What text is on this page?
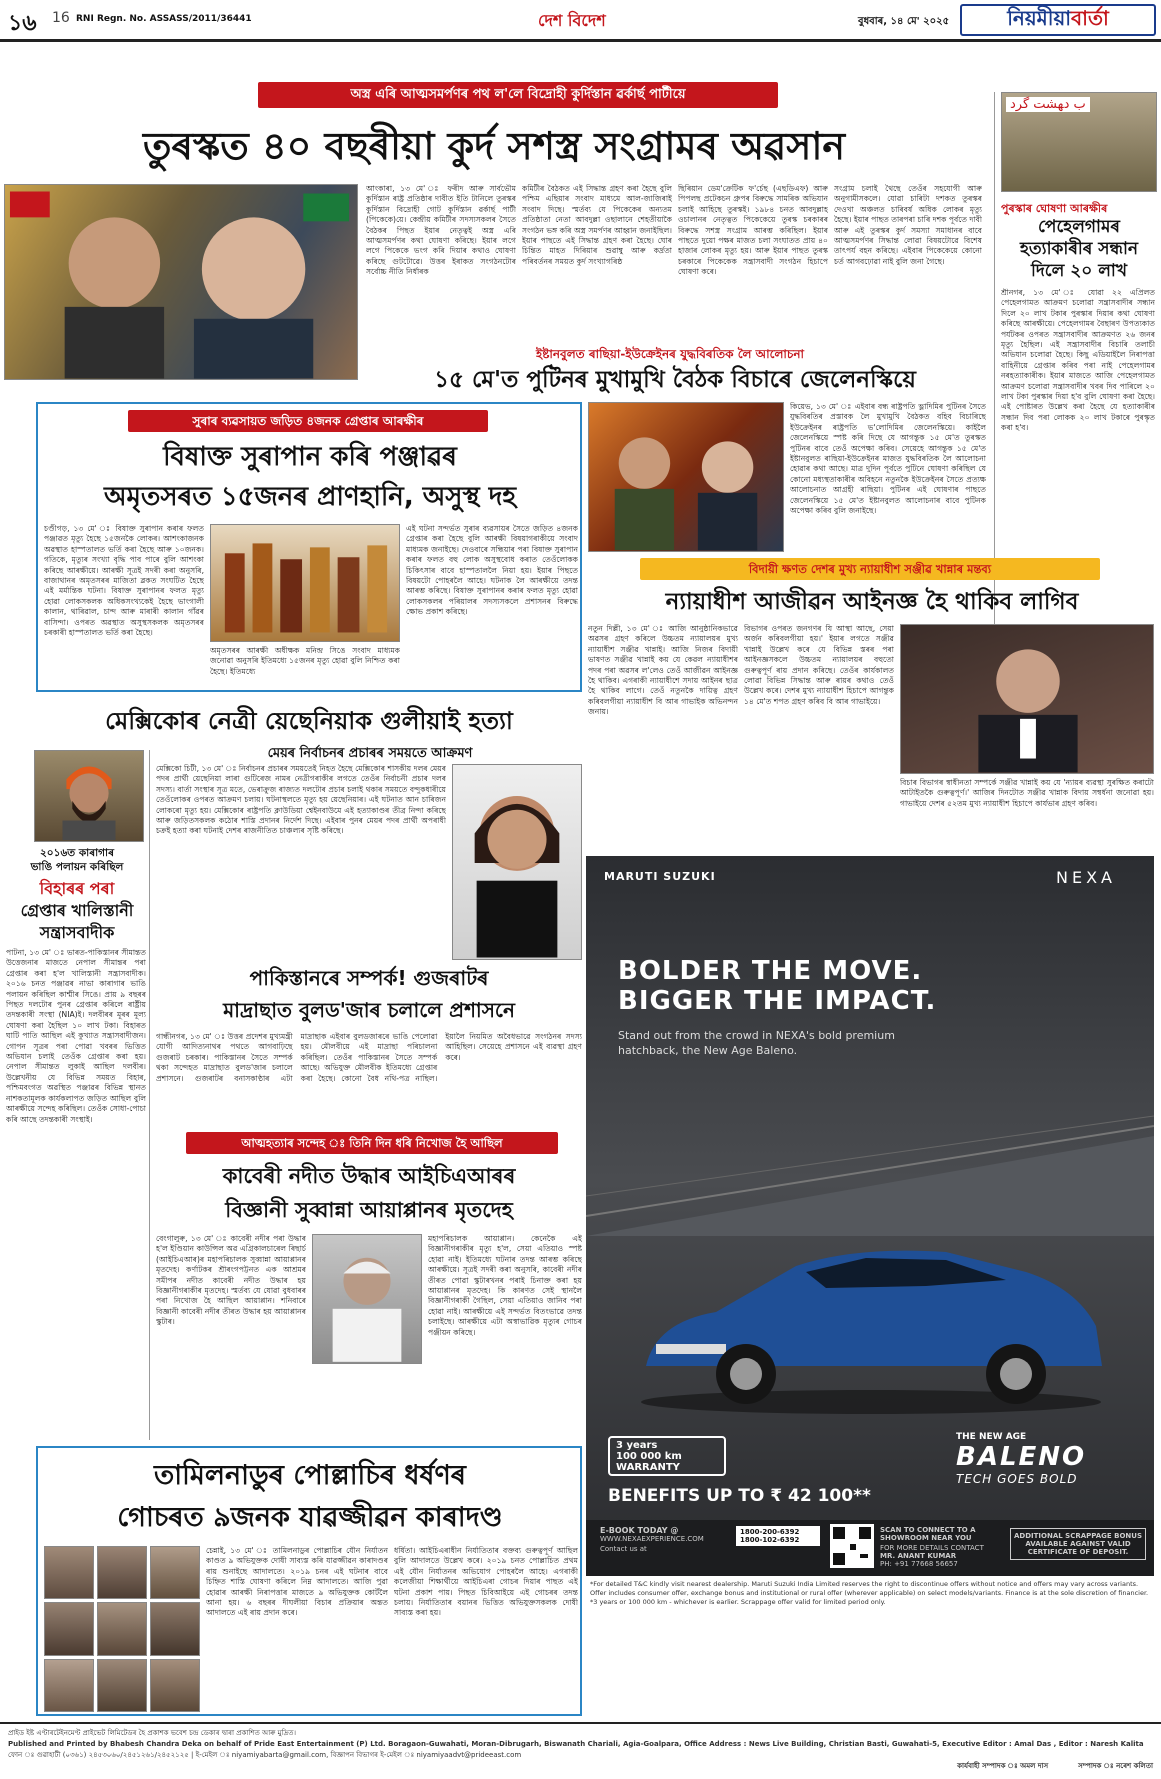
১৬ 16 RNI Regn. No. ASSASS/2011/36441	দেশ বিদেশ	বুধবাৰ, ১৪ মে' ২০২৫	নিয়মীয়া বাৰ্তা
অস্ত্ৰ এৰি আত্মসমৰ্পণৰ পথ ল'লে বিদ্ৰোহী কুৰ্দিস্তান ৱৰ্কাৰ্ছ পাৰ্টীয়ে
তুৰস্কত ৪০ বছৰীয়া কুৰ্দ সশস্ত্ৰ সংগ্ৰামৰ অৱসান
আংকাৰা, ১৩ মে' ঃ ফৰীদ আৰু সাৰ্বভৌম কুৰ্দিস্তান ৰাষ্ট্ৰ প্ৰতিষ্ঠাৰ দাবীত ইতি টানিলে তুৰস্কৰ কুৰ্দিস্তান বিদ্ৰোহী গোট কুৰ্দিস্তান ৱৰ্কাৰ্ছ পাৰ্টী (পিকেকে)য়ে। কেন্দ্ৰীয় কমিটীৰ সদস্যসকলৰ সৈতে বৈঠকৰ পিছত ইয়াৰ নেতৃত্বই অস্ত্ৰ এৰি আত্মসমৰ্পণৰ কথা ঘোষণা কৰিছে। ইয়াৰ লগে লগে পিকেকে ভংগ কৰি দিয়াৰ কথাও ঘোষণা কৰিছে গুটটোৱে। উত্তৰ ইৰাকত সংগঠনটোৰ সৰ্বোচ্চ নীতি নিৰ্ধাৰক
কমিটীৰ বৈঠকত এই সিদ্ধান্ত গ্ৰহণ কৰা হৈছে বুলি পশ্চিম এছিয়াৰ সংবাদ মাধ্যমে আল-জাজিৰাই সংবাদ দিছে। স্মৰ্তব্য যে পিকেকেৰ অন্যতম প্ৰতিষ্ঠাতা নেতা আবদুল্লা ওছালানে শেহতীয়াকৈ সংগঠন ভঙ্গ কৰি অস্ত্ৰ সমৰ্পণৰ আহ্বান জনাইছিল। ইয়াৰ পাছতে এই সিদ্ধান্ত গ্ৰহণ কৰা হৈছে। ঘোৰ চিন্তিত মাহত দিৰিয়াৰ শুৱাম্বু আৰু কৰ্দ্ৰতা পৰিবৰ্তনৰ সময়ত কুৰ্দ সংখ্যাগৰিষ্ঠ
ছিৰিয়ান ডেম'ক্ৰেটিক ফ'ৰ্চেছ (এছডিএফ) আৰু পিপলছ প্ৰটেকচন গ্ৰুপৰ বিৰুদ্ধে সামৰিক অভিযান চলাই আহিছে তুৰস্কই। ১৯৮৪ চনত আবদুল্লাহ ওচালানৰ নেতৃত্বত পিকেকেয়ে তুৰস্ক চৰকাৰৰ বিৰুদ্ধে সশস্ত্ৰ সংগ্ৰাম আৰম্ভ কৰিছিল। ইয়াৰ পাছতে দুয়ো পক্ষৰ মাজত চলা সংঘাতত প্ৰায় ৪০ হাজাৰ লোকৰ মৃত্যু হয়। আৰু ইয়াৰ পাছত তুৰস্ক চৰকাৰে পিকেকেক সন্ত্ৰাসবাদী সংগঠন হিচাপে ঘোষণা কৰে।
সংগ্ৰাম চলাই থৈছে তেওঁৰ সহযোগী আৰু অনুগামীসকলে। যোৱা চাৰিটা দশকত তুৰস্কৰ দেওখা অঞ্চলত চাৰিবৰ্ষ অধিক লোকৰ মৃত্যু হৈছে। ইয়াৰ পাছত তাৰপৰা চাৰি দশক পূৰ্বতে দাবী আৰু এই তুৰস্কৰ কুৰ্দ সমস্যা সমাধানৰ বাবে আত্মসমৰ্পণৰ সিদ্ধান্ত লোৱা বিষয়টোৱে বিশেষ তাৎপৰ্য বহন কৰিছে। এইবাৰ পিকেকেয়ে কোনো চৰ্ত আগবঢ়োৱা নাই বুলি জনা গৈছে।
ইষ্টানবুলত ৰাছিয়া-ইউক্ৰেইনৰ যুদ্ধবিৰতিক লৈ আলোচনা
১৫ মে'ত পুটিনৰ মুখামুখি বৈঠক বিচাৰে জেলেনস্কিয়ে
ﺏ ﺩﻬﺸﺖ ﮔﺮﺩ
পুৰস্কাৰ ঘোষণা আৰক্ষীৰ
পেহেলগামৰ
হত্যাকাৰীৰ সন্ধান
দিলে ২০ লাখ
শ্ৰীনগৰ, ১৩ মে' ঃ যোৱা ২২ এপ্ৰিলত পেহেলগামত আক্ৰমণ চলোৱা সন্ত্ৰাসবাদীৰ সন্ধান দিলে ২০ লাখ টকাৰ পুৰস্কাৰ দিয়াৰ কথা ঘোষণা কৰিছে আৰক্ষীয়ে। পেহেলগামৰ বৈছাৰণ উপত্যকাত পৰ্যটকৰ ওপৰত সন্ত্ৰাসবাদীৰ আক্ৰমণত ২৬ জনৰ মৃত্যু হৈছিল। এই সন্ত্ৰাসবাদীৰ বিচাৰি তলাচী অভিযান চলোৱা হৈছে। কিছু এডিয়াইলৈ নিৰাপত্তা বাহিনীয়ে গ্ৰেপ্তাৰ কৰিব পৰা নাই পেহেলগামৰ নৰহত্যাকাৰীক। ইয়াৰ মাজতে আজি পেহেলগামত আক্ৰমণ চলোৱা সন্ত্ৰাসবাদীৰ খবৰ দিব পাৰিলে ২০ লাখ টকা পুৰস্কাৰ দিয়া হ'ব বুলি ঘোষণা কৰা হৈছে। এই পোষ্টাৰত উল্লেখ কৰা হৈছে যে হত্যাকাৰীৰ সন্ধান দিব পৰা লোকক ২০ লাখ টকাৰে পুৰস্কৃত কৰা হ'ব।
সুৰাৰ ব্যৱসায়ত জড়িত ৪জনক গ্ৰেপ্তাৰ আৰক্ষীৰ
বিষাক্ত সুৰাপান কৰি পঞ্জাৱৰ
অমৃতসৰত ১৫জনৰ প্ৰাণহানি, অসুস্থ দহ
চণ্ডীগড়, ১৩ মে' ঃ বিষাক্ত সুৰাপান কৰাৰ ফলত পঞ্জাৱত মৃত্যু হৈছে ১৫জনকৈ লোকৰ। আশংকাজনক অৱস্থাত হাস্পতালত ভৰ্তি কৰা হৈছে আৰু ১০জনক। গতিকে, মৃত্যুৰ সংখ্যা বৃদ্ধি পাব পাৰে বুলি আশংকা কৰিছে আৰক্ষীয়ে। আৰক্ষী সূত্ৰই সদৰী কৰা অনুসৰি, বাজাথানৰ অমৃতসৰৰ মাজিতা ব্লকত সংঘটিত হৈছে এই মৰ্মান্তিক ঘটনা। বিষাক্ত সুৰাপানৰ ফলত মৃত্যু হোৱা লোকসকলক অধিকসংখ্যকেই হৈছে ভাংগালী কালান, থাৰিৱাল, চান্দ আৰু মাৰাৰী কালান গাঁৱৰ বাসিন্দা। ওপৰত অৱস্থাত অসুস্থসকলক অমৃতসৰৰ চৰকাৰী হাস্পতালত ভৰ্তি কৰা হৈছে।
অমৃতসৰৰ আৰক্ষী অধীক্ষক মনিন্দ্ৰ সিঙে সংবাদ মাধ্যমক জনোৱা অনুসৰি ইতিমধ্যে ১৫জনৰ মৃত্যু হোৱা বুলি নিশ্চিত কৰা হৈছে। ইতিমধ্যে
এই ঘটনা সন্দৰ্ভত সুৰাৰ ব্যৱসায়ৰ সৈতে জড়িত ৪জনক গ্ৰেপ্তাৰ কৰা হৈছে বুলি আৰক্ষী বিষয়াগৰাকীয়ে সংবাদ মাধ্যমক জনাইছে। দেওবাৰে সন্ধিয়াৰ পৰা বিষাক্ত সুৰাপান কৰাৰ ফলত বহু লোক অসুস্থবোধ কৰাত তেওঁলোকক চিকিৎসাৰ বাবে হাস্পতাললৈ নিয়া হয়। ইয়াৰ পিছতে বিষয়টো পোহৰলৈ আহে। ঘটনাক লৈ আৰক্ষীয়ে তদন্ত আৰম্ভ কৰিছে। বিষাক্ত সুৰাপানৰ কৰাৰ ফলত মৃত্যু হোৱা লোকসকলৰ পৰিয়ালৰ সদস্যসকলে প্ৰশাসনৰ বিৰুদ্ধে ক্ষোভ প্ৰকাশ কৰিছে।
কিয়েভ, ১৩ মে' ঃ এইবাৰ বন্ধ ৰাষ্ট্ৰপতি ভ্লাদিমিৰ পুটিনৰ সৈতে যুদ্ধবিৰতিৰ প্ৰস্তাবক লৈ মুখামুখি বৈঠকত বহিব বিচাৰিছে ইউক্ৰেইনৰ ৰাষ্ট্ৰপতি ভ'লোদিমিৰ জেলেনস্কিয়ে। কাইলৈ জেলেনস্কিয়ে স্পষ্ট কৰি দিছে যে আগন্তুক ১৫ মে'ত তুৰস্কত পুটিনৰ বাবে তেওঁ অপেক্ষা কৰিব। সেয়েহে আগন্তুক ১৫ মে'ত ইষ্টানবুলত ৰাছিয়া-ইউক্ৰেইনৰ মাজত যুদ্ধবিৰতিক লৈ আলোচনা হোৱাৰ কথা আছে। মাত্ৰ দুদিন পূৰ্বতে পুটিনে ঘোষণা কৰিছিল যে কোনো মধ্যস্থতাকাৰীৰ অবিহনে নতুনকৈ ইউক্ৰেইনৰ সৈতে প্ৰত্যক্ষ আলোচনাত আগ্ৰহী ৰাছিয়া। পুটিনৰ এই ঘোষণাৰ পাছতে জেলেনস্কিয়ে ১৫ মে'ত ইষ্টানবুলত আলোচনাৰ বাবে পুটিনক অপেক্ষা কৰিব বুলি জনাইছে।
বিদায়ী ক্ষণত দেশৰ মুখ্য ন্যায়াধীশ সঞ্জীৱ খান্নাৰ মন্তব্য
ন্যায়াধীশ আজীৱন আইনজ্ঞ হৈ থাকিব লাগিব
নতুন দিল্লী, ১৩ মে' ঃ আজি আনুষ্ঠানিকভাৱে অৱসৰ গ্ৰহণ কৰিলে উচ্চতম ন্যায়ালয়ৰ মুখ্য ন্যায়াধীশ সঞ্জীৱ খান্নাই। আজি নিজৰ বিদায়ী ভাষণত সঞ্জীৱ খান্নাই কয় যে কেৱল ন্যায়াধীশৰ পদৰ পৰা অৱসৰ ল'লেও তেওঁ আজীৱন আইনজ্ঞ হৈ থাকিব। এগৰাকী ন্যায়াধীশে সদায় আইনৰ ছাত্ৰ হৈ থাকিব লাগে। তেওঁ নতুনকৈ দায়িত্ব গ্ৰহণ কৰিবলগীয়া ন্যায়াধীশ বি আৰ গাভাইক অভিনন্দন জনায়।
বিভাগৰ ওপৰত জনগণৰ যি আস্থা আছে, সেয়া অৰ্জন কৰিবলগীয়া হয়।' ইয়াৰ লগতে সঞ্জীৱ খান্নাই উল্লেখ কৰে যে বিভিন্ন স্তৰৰ পৰা আইনজ্ঞসকলে উচ্চতম ন্যায়ালয়ৰ বহুতো গুৰুত্বপূৰ্ণ ৰায় প্ৰদান কৰিছে। তেওঁৰ কাৰ্যকালত লোৱা বিভিন্ন সিদ্ধান্ত আৰু ৰায়ৰ কথাও তেওঁ উল্লেখ কৰে। দেশৰ মুখ্য ন্যায়াধীশ হিচাপে আগন্তুক ১৪ মে'ত শপত গ্ৰহণ কৰিব বি আৰ গাভাইয়ে।
বিচাৰ বিভাগৰ স্বাধীনতা সম্পৰ্কে সঞ্জীৱ খান্নাই কয় যে 'ন্যায়ৰ ব্যৱস্থা সুৰক্ষিত কৰাটো আটাইতকৈ গুৰুত্বপূৰ্ণ।' আজিৰ দিনটোত সঞ্জীৱ খান্নাক বিদায় সম্বৰ্ধনা জনোৱা হয়। গাভাইয়ে দেশৰ ৫২তম মুখ্য ন্যায়াধীশ হিচাপে কাৰ্যভাৰ গ্ৰহণ কৰিব।
মেক্সিকোৰ নেত্ৰী য়েছেনিয়াক গুলীয়াই হত্যা
মেয়ৰ নিৰ্বাচনৰ প্ৰচাৰৰ সময়তে আক্ৰমণ
মেক্সিকো চিটী, ১৩ মে' ঃ নিৰ্বাচনৰ প্ৰচাৰৰ সময়তেই নিহত হৈছে মেক্সিকোৰ শাসকীয় দলৰ মেয়ৰ পদৰ প্ৰাৰ্থী য়েছেনিয়া লাৰা গুটিৰেজ নামৰ নেত্ৰীগৰাকীৰ লগতে তেওঁৰ নিৰ্বাচনী প্ৰচাৰ দলৰ সদস্য। বাৰ্তা সংস্থাৰ সূত্ৰ মতে, ভেৰাক্ৰুজ ৰাজ্যত দলটোৰ প্ৰচাৰ চলাই থকাৰ সময়তে বন্দুকধাৰীয়ে তেওঁলোকৰ ওপৰত আক্ৰমণ চলায়। ঘটনাস্থলতে মৃত্যু হয় য়েছেনিয়াৰ। এই ঘটনাত আন চাৰিজন লোকৰো মৃত্যু হয়। মেক্সিকোৰ ৰাষ্ট্ৰপতি ক্লাউডিয়া শ্বেইনবাউমে এই হত্যাকাণ্ডৰ তীব্ৰ নিন্দা কৰিছে আৰু জড়িতসকলক কঠোৰ শাস্তি প্ৰদানৰ নিৰ্দেশ দিছে। এইবাৰ পুনৰ মেয়ৰ পদৰ প্ৰাৰ্থী অপৰাধী চক্ৰই হত্যা কৰা ঘটনাই দেশৰ ৰাজনীতিত চাঞ্চল্যৰ সৃষ্টি কৰিছে।
২০১৬ত কাৰাগাৰ
ভাঙি পলায়ন কৰিছিল
বিহাৰৰ পৰা
গ্ৰেপ্তাৰ খালিস্তানী
সন্ত্ৰাসবাদীক
পাটনা, ১৩ মে' ঃ ভাৰত-পাকিস্তানৰ সীমান্তত উত্তেজনাৰ মাজতে নেপাল সীমান্তৰ পৰা গ্ৰেপ্তাৰ কৰা হ'ল খালিস্তানী সন্ত্ৰাসবাদীক। ২০১৬ চনত পঞ্জাৱৰ নাভা কাৰাগাৰ ভাঙি পলায়ন কৰিছিল কাশ্মীৰ সিঙে। প্ৰায় ৯ বছৰৰ পিছত দলটোৰ পুনৰ গ্ৰেপ্তাৰ কৰিলে ৰাষ্ট্ৰীয় তদন্তকাৰী সংস্থা (NIA)ই। দলবীৰৰ মূৰৰ মূল্য ঘোষণা কৰা হৈছিল ১০ লাখ টকা। বিহাৰত ঘাটি পাতি আছিল এই কুখ্যাত সন্ত্ৰাসবাদীজন। গোপন সূত্ৰৰ পৰা পোৱা খবৰৰ ভিত্তিত অভিযান চলাই তেওঁক গ্ৰেপ্তাৰ কৰা হয়। নেপাল সীমান্তত লুকাই আছিল দলবীৰ। উল্লেখনীয় যে বিভিন্ন সময়ত বিহাৰ, পশ্চিমবংগত অৱস্থিত পঞ্জাৱৰ বিভিন্ন স্থানত নাশকতামূলক কাৰ্যকলাপত জড়িত আছিল বুলি আৰক্ষীয়ে সন্দেহ কৰিছিল। তেওঁক সোধা-পোচা কৰি আছে তদন্তকাৰী সংস্থাই।
পাকিস্তানৰে সম্পৰ্ক! গুজৰাটৰ
মাদ্ৰাছাত বুলড'জাৰ চলালে প্ৰশাসনে
গান্ধীনগৰ, ১৩ মে' ঃ উত্তৰ প্ৰদেশৰ মুখ্যমন্ত্ৰী যোগী আদিত্যনাথৰ পথতে আগবাঢ়িছে গুজৰাট চৰকাৰ। পাকিস্তানৰ সৈতে সম্পৰ্ক থকা সন্দেহত মাদ্ৰাছাত বুলড'জাৰ চলালে প্ৰশাসনে। গুজৰাটৰ বনাসকাণ্ঠাৰ এটা মাদ্ৰাছাক এইবাৰ বুলডজাৰৰে ভাঙি পেলোৱা হয়। মৌলবীয়ে এই মাদ্ৰাছা পৰিচালনা কৰিছিল। তেওঁৰ পাকিস্তানৰ সৈতে সম্পৰ্ক আছে। অভিযুক্ত মৌলবীক ইতিমধ্যে গ্ৰেপ্তাৰ কৰা হৈছে। কোনো বৈধ নথি-পত্ৰ নাছিল। ইয়ালৈ নিয়মিত অবৈধভাৱে সংগঠনৰ সদস্য আহিছিল। সেয়েহে প্ৰশাসনে এই ব্যৱস্থা গ্ৰহণ কৰে।
আত্মহত্যাৰ সন্দেহ ঃ তিনি দিন ধৰি নিখোজ হৈ আছিল
কাবেৰী নদীত উদ্ধাৰ আইচিএআৰৰ
বিজ্ঞানী সুব্বান্না আয়াপ্পানৰ মৃতদেহ
বেংগালুৰু, ১৩ মে' ঃ কাবেৰী নদীৰ পৰা উদ্ধাৰ হ'ল ইণ্ডিয়ান কাউন্সিল অৱ এগ্ৰিকালচাৰেল ৰিছাৰ্চ (আইচিএআৰ)ৰ মহাপৰিচালক সুব্বান্না আয়াপ্পানৰ মৃতদেহ। কৰ্ণাটকৰ শ্ৰীৰংগপট্টনত এক আশ্ৰমৰ সমীপৰ নদীত কাবেৰী নদীত উদ্ধাৰ হয় বিজ্ঞানীগৰাকীৰ মৃতদেহ। স্মৰ্তব্য যে যোৱা বুধবাৰৰ পৰা নিখোজ হৈ আছিল আয়াপ্পান। শনিবাৰে বিজ্ঞানী কাবেৰী নদীৰ তীৰত উদ্ধাৰ হয় আয়াপ্পানৰ স্কুটাৰ।
মহাপৰিচালক আয়াপ্পান। কেনেকৈ এই বিজ্ঞানীগৰাকীৰ মৃত্যু হ'ল, সেয়া এতিয়াও স্পষ্ট হোৱা নাই। ইতিমধ্যে ঘটনাৰ তদন্ত আৰম্ভ কৰিছে আৰক্ষীয়ে। সূত্ৰই সদৰী কৰা অনুসৰি, কাবেৰী নদীৰ তীৰত পোৱা স্কুটাৰখনৰ পৰাই চিনাক্ত কৰা হয় আয়াপ্পানৰ মৃতদেহ। কি কাৰণত সেই স্থানলৈ বিজ্ঞানীগৰাকী গৈছিল, সেয়া এতিয়াও জানিব পৰা হোৱা নাই। আৰক্ষীয়ে এই সন্দৰ্ভত বিতংভাৱে তদন্ত চলাইছে। আৰক্ষীয়ে এটা অস্বাভাৱিক মৃত্যুৰ গোচৰ পঞ্জীয়ন কৰিছে।
তামিলনাডুৰ পোল্লাচিৰ ধৰ্ষণৰ
গোচৰত ৯জনক যাৱজ্জীৱন কাৰাদণ্ড
চেন্নাই, ১৩ মে' ঃ তামিলনাডুৰ পোল্লাচিৰ যৌন নিৰ্যাতন কাণ্ডত ৯ অভিযুক্তক দোষী সাব্যস্ত কৰি যাৱজ্জীৱন কাৰাদণ্ডৰ ৰায় শুনাইছে আদালতে। ২০১৯ চনৰ এই ঘটনাৰ বাবে চিহ্নিত শাস্তি ঘোষণা কৰিলে নিম্ন আদালতে। আজি পুৱা হোৱাৰ আৰক্ষী নিৰাপত্তাৰ মাজতে ৯ অভিযুক্তক কোৰ্টলৈ আনা হয়। ৬ বছৰৰ দীঘলীয়া বিচাৰ প্ৰক্ৰিয়াৰ অন্তত আদালতে এই ৰায় প্ৰদান কৰে।
ধৰ্ষিতা। আইচিএৰাধীন নিৰ্যাতিতাৰ বক্তব্য গুৰুত্বপূৰ্ণ আছিল বুলি আদালতে উল্লেখ কৰে। ২০১৯ চনত পোল্লাচিত প্ৰথম এই যৌন নিৰ্যাতনৰ অভিযোগ পোহৰলৈ আহে। এগৰাকী কলেজীয়া শিক্ষাৰ্থীয়ে আইচিএৰা গোচৰ দিয়াৰ পাছত এই ঘটনা প্ৰকাশ পায়। পিছত চিবিআইয়ে এই গোচৰৰ তদন্ত চলায়। নিৰ্যাতিতাৰ বয়ানৰ ভিত্তিত অভিযুক্তসকলক দোষী সাব্যস্ত কৰা হয়।
MARUTI SUZUKI	NEXA
BOLDER THE MOVE.
BIGGER THE IMPACT.
Stand out from the crowd in NEXA's bold premium hatchback, the New Age Baleno.
3 years
100 000 km
WARRANTY
THE NEW AGE
BALENO
TECH GOES BOLD
BENEFITS UP TO ₹ 42 100**
E-BOOK TODAY @
WWW.NEXAEXPERIENCE.COM
Contact us at
1800-200-6392
1800-102-6392
SCAN TO CONNECT TO A SHOWROOM NEAR YOU
FOR MORE DETAILS CONTACT
MR. ANANT KUMAR
PH: +91 77668 56657
ADDITIONAL SCRAPPAGE BONUS AVAILABLE AGAINST VALID CERTIFICATE OF DEPOSIT.
*For detailed T&C kindly visit nearest dealership. Maruti Suzuki India Limited reserves the right to discontinue offers without notice and offers may vary across variants. Offer includes consumer offer, exchange bonus and institutional or rural offer (wherever applicable) on select models/variants. Finance is at the sole discretion of financier. *3 years or 100 000 km - whichever is earlier. Scrappage offer valid for limited period only.
প্ৰাইড ইষ্ট এণ্টাৰটেইনমেণ্ট প্ৰাইভেট লিমিটেডৰ হৈ প্ৰকাশক ভবেশ চন্দ্ৰ ডেকাৰ দ্বাৰা প্ৰকাশিত আৰু মুদ্ৰিত।
Published and Printed by Bhabesh Chandra Deka on behalf of Pride East Entertainment (P) Ltd. Boragaon-Guwahati, Moran-Dibrugarh, Biswanath Chariali, Agia-Goalpara, Office Address : News Live Building, Christian Basti, Guwahati-5, Executive Editor : Amal Das , Editor : Naresh Kalita
ফোন ঃ গুৱাহাটী (০৩৬১) ২৪৫৩০৬০/২৪৫১২৬১/২৪৫২১২৫ | ই-মেইল ঃ niyamiyabarta@gmail.com, বিজ্ঞাপন বিভাগৰ ই-মেইল ঃ niyamiyaadvt@prideeast.com
কাৰ্যবাহী সম্পাদক ঃ অমল দাস	সম্পাদক ঃ নৰেশ কলিতা
